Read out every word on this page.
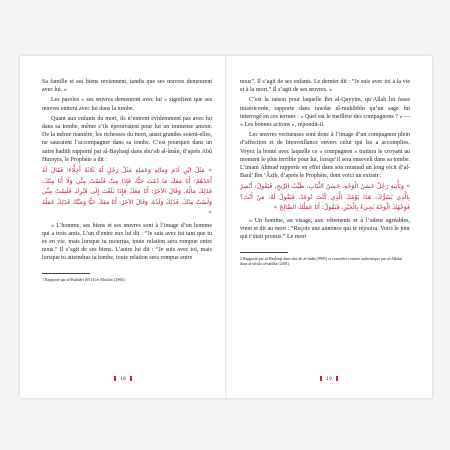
Sa famille et ses biens reviennent, tandis que ses œuvres demeurent avec lui. »

Les paroles « ses œuvres demeurent avec lui » signifient que ses œuvres entrent avec lui dans la tombe.

Quant aux enfants du mort, ils n’entrent évidemment pas avec lui dans sa tombe, même s’ils éprouvaient pour lui un immense amour. De la même manière, les richesses du mort, aussi grandes soient-elles, ne sauraient l’accompagner dans sa tombe. C’est pourquoi dans un autre hadith rapporté par al-Bayhaqî dans shu‘ab al-îmân, d’après Abû Hurayra, le Prophète a dit :

« مَثَلُ ابْنِ آدَمَ وَمَالِهِ وَعَمَلِهِ مَثَلُ رَجُلٍ لَهُ ثَلَاثَةُ أَخِلَّاءَ: فَقَالَ لَهُ أَحَدُهُمْ: أَنَا مَعَكَ مَا دُمْتَ حَيًّا، فَإِذَا مِتَّ فَلَسْتُ مِنِّي وَلَا أَنَا مِنْكَ، فَذَلِكَ مَالُهُ. وَقَالَ الآخَرُ: أَنَا مَعَكَ فَإِذَا بَلَغْتَ إِلَى قَبْرِكَ فَلَسْتُ مِنِّي وَلَسْتُ مِنْكَ، فَذَلِكَ وَلَدُهُ. وَقَالَ الآخَرُ: أَنَا مَعَكَ حَيًّا وَمَيِّتًا، فَذَلِكَ عَمَلُهُ »

« L’homme, ses biens et ses œuvres sont à l’image d’un homme qui a trois amis. L’un d’entre eux lui dit : “Je suis avec toi tant que tu es en vie, mais lorsque tu mourras, toute relation sera rompue entre nous.” Il s’agit de ses biens. L’autre lui dit : “Je suis avec toi, mais lorsque tu atteindras ta tombe, toute relation sera rompue entre

1 Rapporté par al-Bukhârî (6514) et Muslim (2960).

18

nous”. Il s’agit de ses enfants. Le dernier dit : “Je suis avec toi à la vie et à la mort.” Il s’agit de ses œuvres. »

C’est la raison pour laquelle Ibn al-Qayyim, qu’Allah lui fasse miséricorde, rapporte dans rawdat al-muhibbîn qu’un sage fut interrogé en ces termes : « Quel est le meilleur des compagnons ? » — « Les bonnes actions », répondit-il.

Les œuvres vertueuses sont donc à l’image d’un compagnon plein d’affection et de bienveillance envers celui qui les a accomplies. Voyez la bonté avec laquelle ce « compagnon » traitera le croyant au moment le plus terrible pour lui, lorsqu’il sera enseveli dans sa tombe. L’imam Ahmad rapporte en effet dans son musnad un long récit d’al-Barâ’ Ibn ‘Âzib, d’après le Prophète, dont voici un extrait :

« وَيَأْتِيهِ رَجُلٌ حَسَنُ الْوَجْهِ، حَسَنُ الثِّيَابِ، طَيِّبُ الرِّيحِ، فَيَقُولُ: أَبْشِرْ بِالَّذِي يَسُرُّكَ، هَذَا يَوْمُكَ الَّذِي كُنْتَ تُوعَدُ، فَيَقُولُ لَهُ: مَنْ أَنْتَ؟ فَوَجْهُكَ الْوَجْهُ يَجِيءُ بِالْخَيْرِ، فَيَقُولُ: أَنَا عَمَلُكَ الصَّالِحُ »

« Un homme, au visage, aux vêtements et à l’odeur agréables, vient et dit au mort : “Reçois une annonce qui te réjouira. Voici le jour qui t’était promis.” Le mort

2 Rapporté par al-Bayhaqî dans shu‘ab al-îmân (9995) et considéré comme authentique par al-Albânî dans al-silsila al-sahîha (2481).

19
